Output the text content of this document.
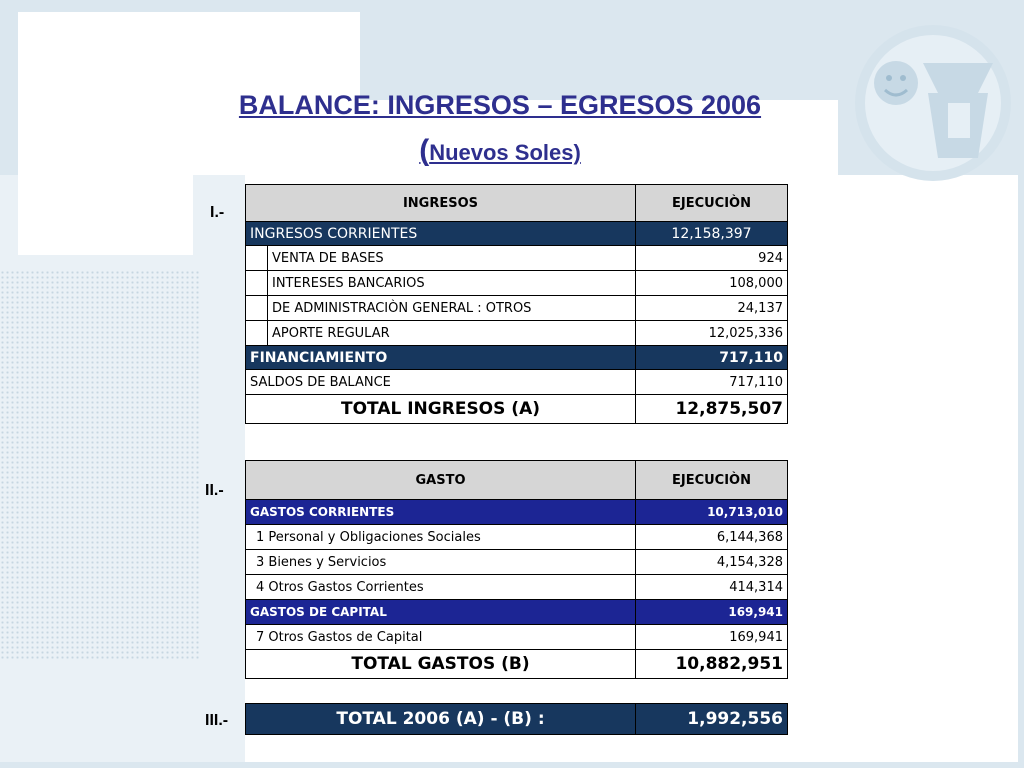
BALANCE: INGRESOS – EGRESOS 2006
(Nuevos Soles)
I.-
INGRESOS		EJECUCIÒN
INGRESOS CORRIENTES		12,158,397
	VENTA DE BASES	924
	INTERESES BANCARIOS	108,000
	DE ADMINISTRACIÒN GENERAL : OTROS	24,137
	APORTE REGULAR	12,025,336
FINANCIAMIENTO		717,110
SALDOS DE BALANCE		717,110
TOTAL INGRESOS (A)		12,875,507
II.-
GASTO	EJECUCIÒN
GASTOS CORRIENTES	10,713,010
1 Personal y Obligaciones Sociales	6,144,368
3 Bienes y Servicios	4,154,328
4 Otros Gastos Corrientes	414,314
GASTOS DE CAPITAL	169,941
7 Otros Gastos de Capital	169,941
TOTAL GASTOS (B)	10,882,951
III.-	TOTAL 2006 (A) - (B) :	1,992,556
